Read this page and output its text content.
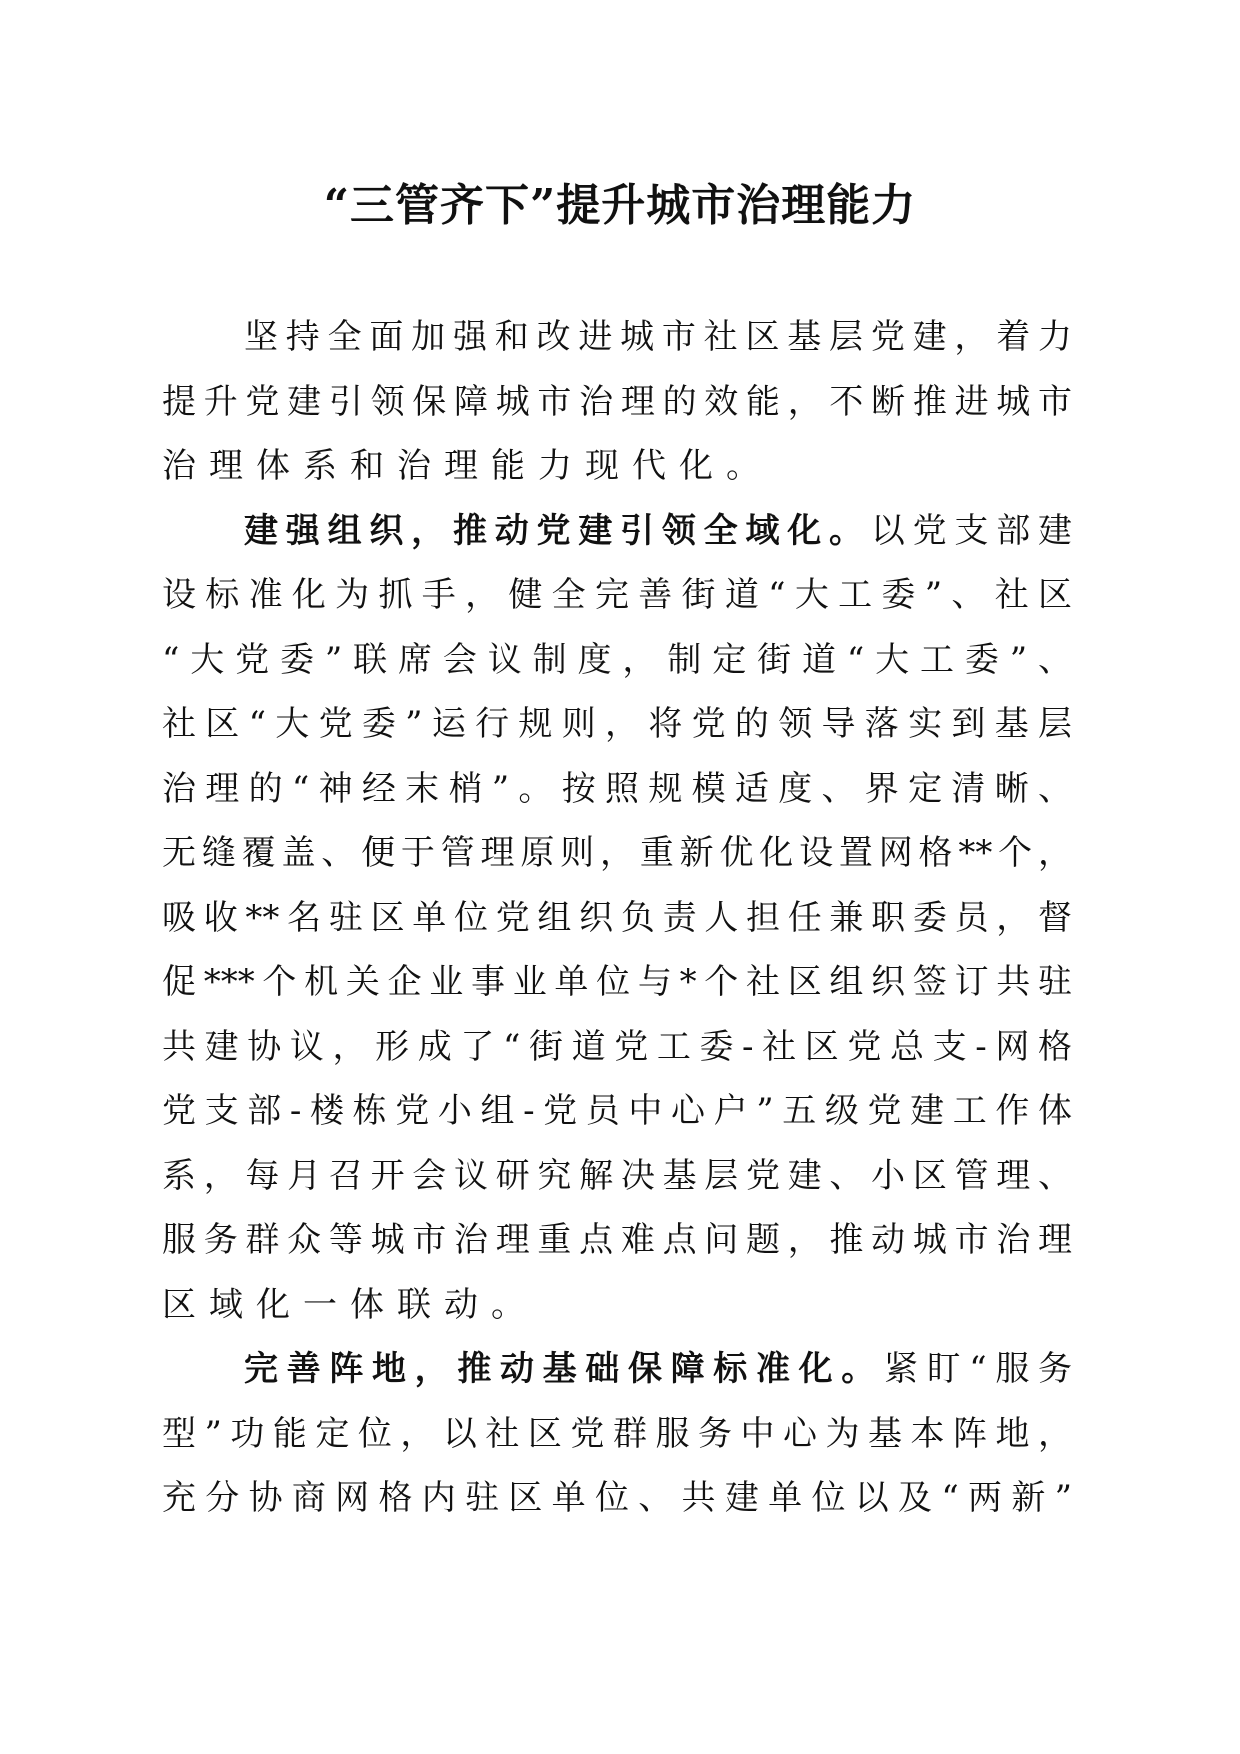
“三管齐下”提升城市治理能力
坚持全面加强和改进城市社区基层党建，着力
提升党建引领保障城市治理的效能，不断推进城市
治理体系和治理能力现代化。
建强组织，推动党建引领全域化。以党支部建
设标准化为抓手，健全完善街道“大工委”、社区
“大党委”联席会议制度，制定街道“大工委”、
社区“大党委”运行规则，将党的领导落实到基层
治理的“神经末梢”。按照规模适度、界定清晰、
无缝覆盖、便于管理原则，重新优化设置网格**个，
吸收**名驻区单位党组织负责人担任兼职委员，督
促***个机关企业事业单位与*个社区组织签订共驻
共建协议，形成了“街道党工委-社区党总支-网格
党支部-楼栋党小组-党员中心户”五级党建工作体
系，每月召开会议研究解决基层党建、小区管理、
服务群众等城市治理重点难点问题，推动城市治理
区域化一体联动。
完善阵地，推动基础保障标准化。紧盯“服务
型”功能定位，以社区党群服务中心为基本阵地，
充分协商网格内驻区单位、共建单位以及“两新”
